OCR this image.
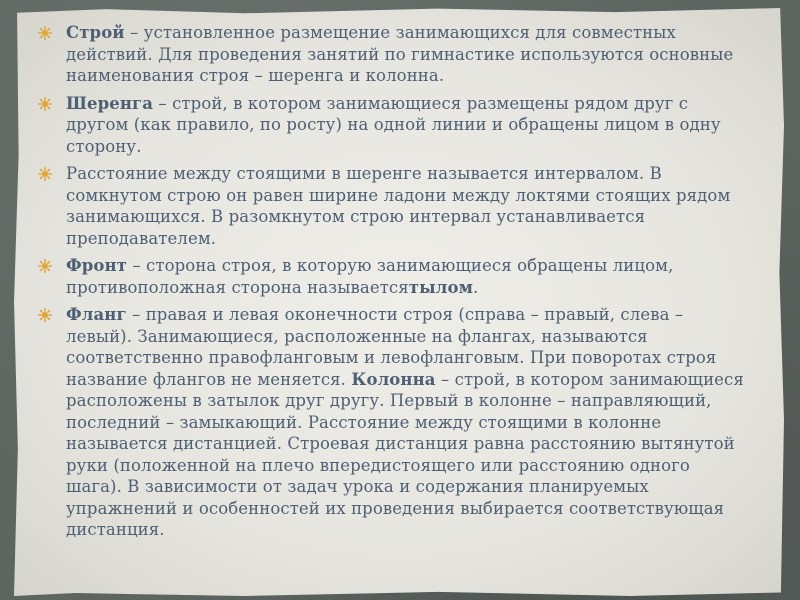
Строй – установленное размещение занимающихся для совместных действий. Для проведения занятий по гимнастике используются основные наименования строя – шеренга и колонна.
Шеренга – строй, в котором занимающиеся размещены рядом друг с другом (как правило, по росту) на одной линии и обращены лицом в одну сторону.
Расстояние между стоящими в шеренге называется интервалом. В сомкнутом строю он равен ширине ладони между локтями стоящих рядом занимающихся. В разомкнутом строю интервал устанавливается преподавателем.
Фронт – сторона строя, в которую занимающиеся обращены лицом, противоположная сторона называетсятылом.
Фланг – правая и левая оконечности строя (справа – правый, слева – левый). Занимающиеся, расположенные на флангах, называются соответственно правофланговым и левофланговым. При поворотах строя название флангов не меняется. Колонна – строй, в котором занимающиеся расположены в затылок друг другу. Первый в колонне – направляющий, последний – замыкающий. Расстояние между стоящими в колонне называется дистанцией. Строевая дистанция равна расстоянию вытянутой руки (положенной на плечо впередистоящего или расстоянию одного шага). В зависимости от задач урока и содержания планируемых упражнений и особенностей их проведения выбирается соответствующая дистанция.
